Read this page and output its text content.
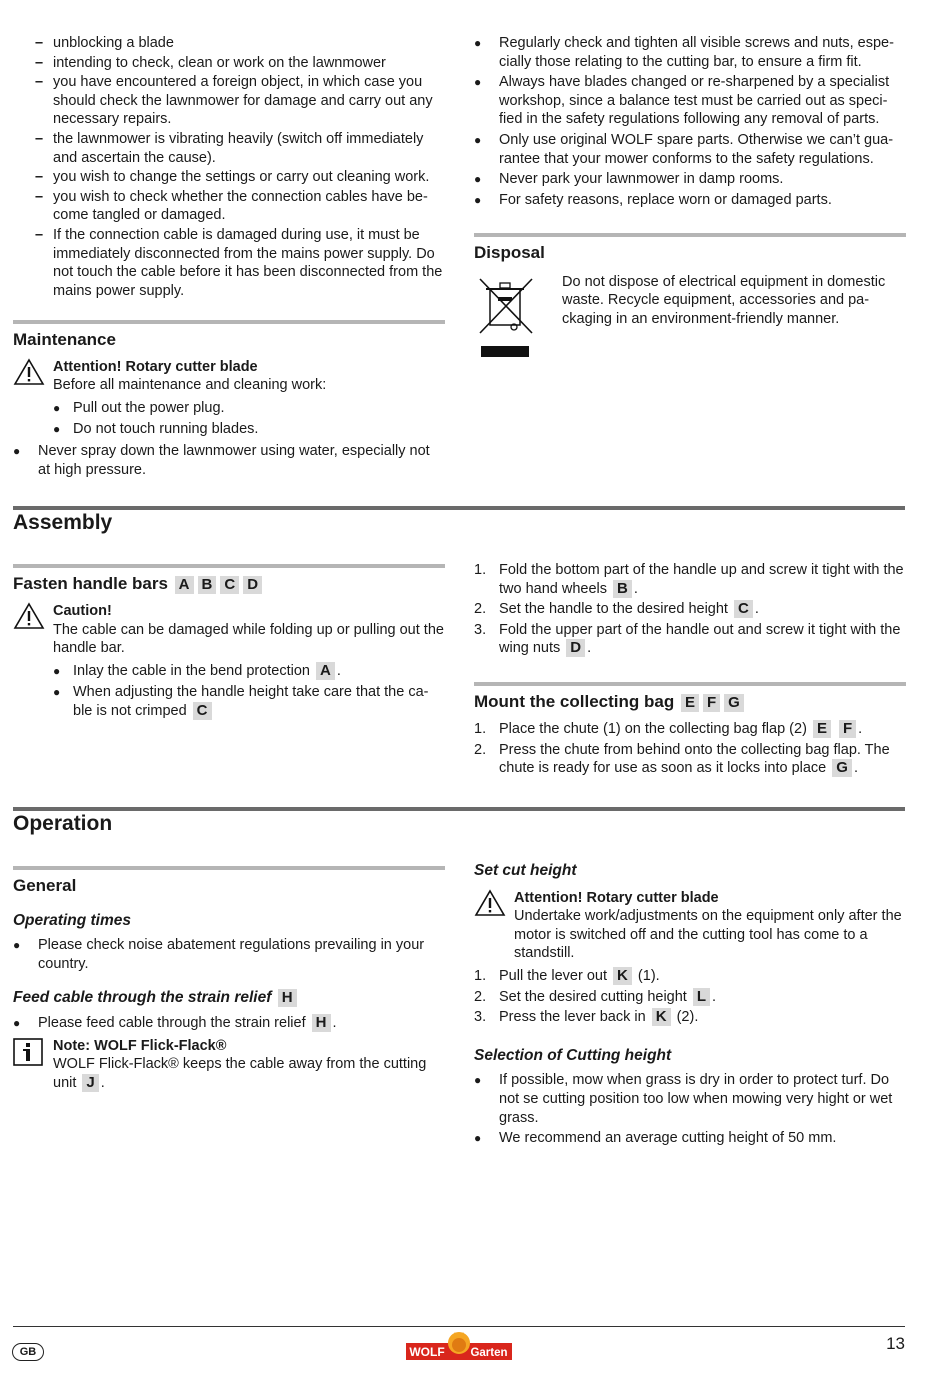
– unblocking a blade
– intending to check, clean or work on the lawnmower
– you have encountered a foreign object, in which case you should check the lawnmower for damage and carry out any necessary repairs.
– the lawnmower is vibrating heavily (switch off immediately and ascertain the cause).
– you wish to change the settings or carry out cleaning work.
– you wish to check whether the connection cables have be-come tangled or damaged.
– If the connection cable is damaged during use, it must be immediately disconnected from the mains power supply. Do not touch the cable before it has been disconnected from the mains power supply.
Maintenance
Attention! Rotary cutter blade
Before all maintenance and cleaning work:
● Pull out the power plug.
● Do not touch running blades.
● Never spray down the lawnmower using water, especially not at high pressure.
● Regularly check and tighten all visible screws and nuts, espe-cially those relating to the cutting bar, to ensure a firm fit.
● Always have blades changed or re-sharpened by a specialist workshop, since a balance test must be carried out as speci-fied in the safety regulations following any removal of parts.
● Only use original WOLF spare parts. Otherwise we can’t gua-rantee that your mower conforms to the safety regulations.
● Never park your lawnmower in damp rooms.
● For safety reasons, replace worn or damaged parts.
Disposal
Do not dispose of electrical equipment in domestic waste. Recycle equipment, accessories and pa-ckaging in an environment-friendly manner.
Assembly
Fasten handle bars A B C D
Caution!
The cable can be damaged while folding up or pulling out the handle bar.
● Inlay the cable in the bend protection A .
● When adjusting the handle height take care that the ca-ble is not crimped C
1. Fold the bottom part of the handle up and screw it tight with the two hand wheels B .
2. Set the handle to the desired height C .
3. Fold the upper part of the handle out and screw it tight with the wing nuts D .
Mount the collecting bag E F G
1. Place the chute (1) on the collecting bag flap (2) E F .
2. Press the chute from behind onto the collecting bag flap. The chute is ready for use as soon as it locks into place G .
Operation
General
Operating times
● Please check noise abatement regulations prevailing in your country.
Feed cable through the strain relief H
● Please feed cable through the strain relief H .
Note: WOLF Flick-Flack®
WOLF Flick-Flack® keeps the cable away from the cutting unit J .
Set cut height
Attention! Rotary cutter blade
Undertake work/adjustments on the equipment only after the motor is switched off and the cutting tool has come to a standstill.
1. Pull the lever out K (1).
2. Set the desired cutting height L .
3. Press the lever back in K (2).
Selection of Cutting height
● If possible, mow when grass is dry in order to protect turf. Do not se cutting position too low when mowing very hight or wet grass.
● We recommend an average cutting height of 50 mm.
GB	WOLF Garten	13
